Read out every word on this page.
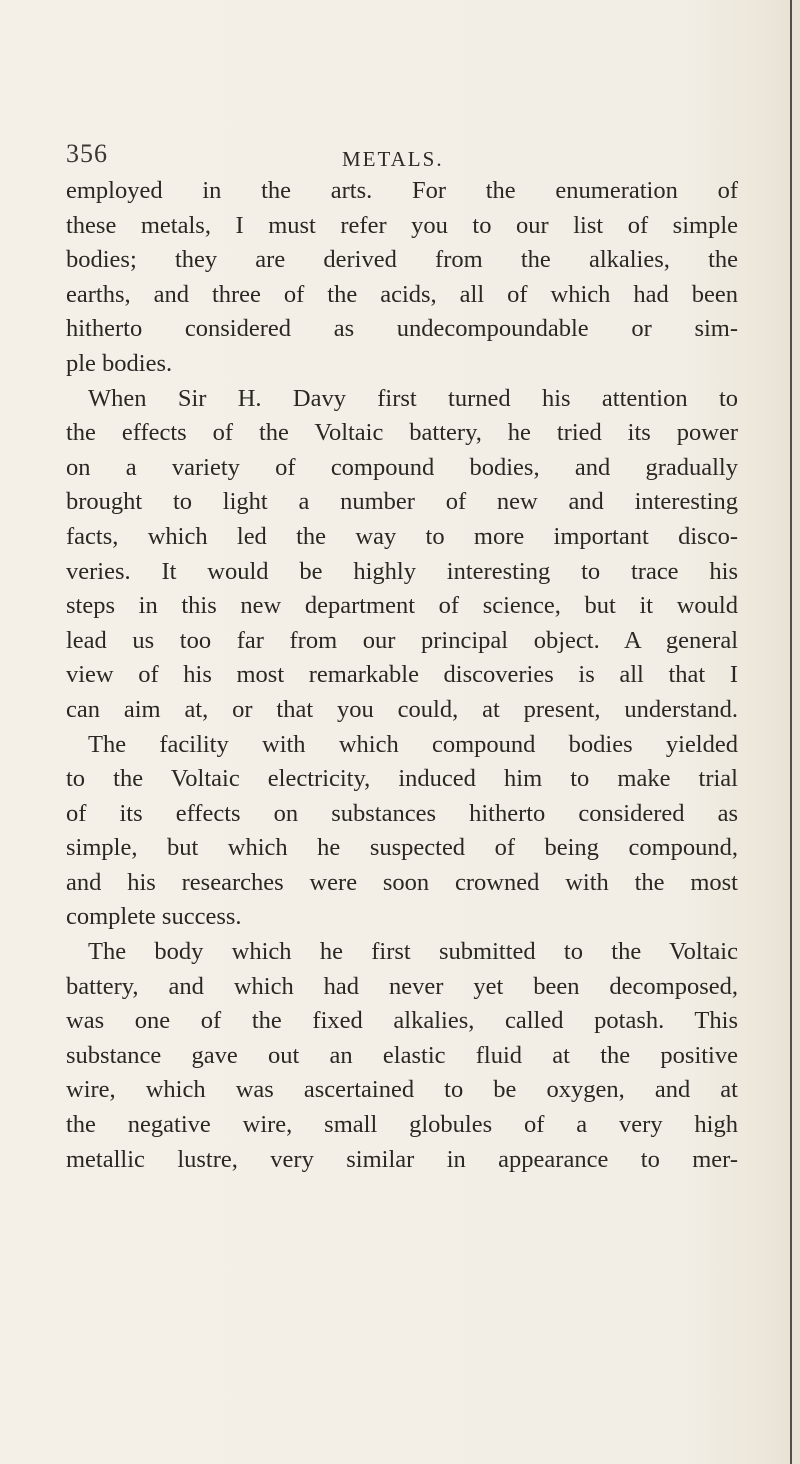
356	METALS.
employed in the arts. For the enumeration of
these metals, I must refer you to our list of simple
bodies; they are derived from the alkalies, the
earths, and three of the acids, all of which had been
hitherto considered as undecompoundable or sim-
ple bodies.
When Sir H. Davy first turned his attention to
the effects of the Voltaic battery, he tried its power
on a variety of compound bodies, and gradually
brought to light a number of new and interesting
facts, which led the way to more important disco-
veries. It would be highly interesting to trace his
steps in this new department of science, but it would
lead us too far from our principal object. A general
view of his most remarkable discoveries is all that I
can aim at, or that you could, at present, understand.
The facility with which compound bodies yielded
to the Voltaic electricity, induced him to make trial
of its effects on substances hitherto considered as
simple, but which he suspected of being compound,
and his researches were soon crowned with the most
complete success.
The body which he first submitted to the Voltaic
battery, and which had never yet been decomposed,
was one of the fixed alkalies, called potash. This
substance gave out an elastic fluid at the positive
wire, which was ascertained to be oxygen, and at
the negative wire, small globules of a very high
metallic lustre, very similar in appearance to mer-
